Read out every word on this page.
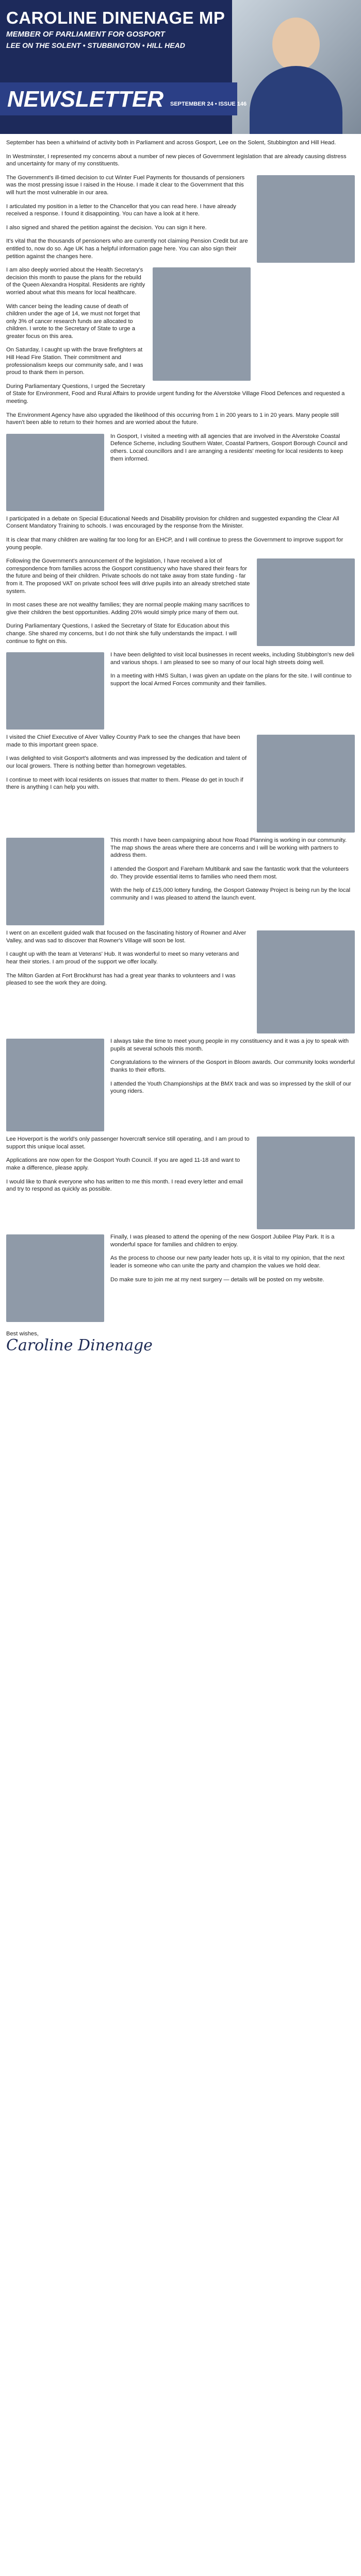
CAROLINE DINENAGE MP
MEMBER OF PARLIAMENT FOR GOSPORT
LEE ON THE SOLENT • STUBBINGTON • HILL HEAD
NEWSLETTER SEPTEMBER 24 • ISSUE 146

September has been a whirlwind of activity both in Parliament and across Gosport, Lee on the Solent, Stubbington and Hill Head.

In Westminster, I represented my concerns about a number of new pieces of Government legislation that are already causing distress and uncertainty for many of my constituents.

The Government's ill-timed decision to cut Winter Fuel Payments for thousands of pensioners was the most pressing issue I raised in the House. I made it clear to the Government that this will hurt the most vulnerable in our area.

I articulated my position in a letter to the Chancellor that you can read here. I have already received a response. I found it disappointing. You can have a look at it here.

I also signed and shared the petition against the decision. You can sign it here.

It's vital that the thousands of pensioners who are currently not claiming Pension Credit but are entitled to, now do so. Age UK has a helpful information page here. You can also sign their petition against the changes here.

I am also deeply worried about the Health Secretary's decision this month to pause the plans for the rebuild of the Queen Alexandra Hospital. Residents are rightly worried about what this means for local healthcare.

With cancer being the leading cause of death of children under the age of 14, we must not forget that only 3% of cancer research funds are allocated to children. I wrote to the Secretary of State to urge a greater focus on this area.

On Saturday, I caught up with the brave firefighters at Hill Head Fire Station. Their commitment and professionalism keeps our community safe, and I was proud to thank them in person.

During Parliamentary Questions, I urged the Secretary of State for Environment, Food and Rural Affairs to provide urgent funding for the Alverstoke Village Flood Defences and requested a meeting.

The Environment Agency have also upgraded the likelihood of this occurring from 1 in 200 years to 1 in 20 years. Many people still haven't been able to return to their homes and are worried about the future.

In Gosport, I visited a meeting with all agencies that are involved in the Alverstoke Coastal Defence Scheme, including Southern Water, Coastal Partners, Gosport Borough Council and others. Local councillors and I are arranging a residents' meeting for local residents to keep them informed.

I participated in a debate on Special Educational Needs and Disability provision for children and suggested expanding the Clear All Consent Mandatory Training to schools. I was encouraged by the response from the Minister.

It is clear that many children are waiting far too long for an EHCP, and I will continue to press the Government to improve support for young people.

Following the Government's announcement of the legislation, I have received a lot of correspondence from families across the Gosport constituency who have shared their fears for the future and being of their children. Private schools do not take away from state funding - far from it. The proposed VAT on private school fees will drive pupils into an already stretched state system.

In most cases these are not wealthy families; they are normal people making many sacrifices to give their children the best opportunities. Adding 20% would simply price many of them out.

During Parliamentary Questions, I asked the Secretary of State for Education about this change. She shared my concerns, but I do not think she fully understands the impact. I will continue to fight on this.

I have been delighted to visit local businesses in recent weeks, including Stubbington's new deli and various shops. I am pleased to see so many of our local high streets doing well.

In a meeting with HMS Sultan, I was given an update on the plans for the site. I will continue to support the local Armed Forces community and their families.

I visited the Chief Executive of Alver Valley Country Park to see the changes that have been made to this important green space.

I was delighted to visit Gosport's allotments and was impressed by the dedication and talent of our local growers. There is nothing better than homegrown vegetables.

I continue to meet with local residents on issues that matter to them. Please do get in touch if there is anything I can help you with.

This month I have been campaigning about how Road Planning is working in our community. The map shows the areas where there are concerns and I will be working with partners to address them.

I attended the Gosport and Fareham Multibank and saw the fantastic work that the volunteers do. They provide essential items to families who need them most.

With the help of £15,000 lottery funding, the Gosport Gateway Project is being run by the local community and I was pleased to attend the launch event.

I went on an excellent guided walk that focused on the fascinating history of Rowner and Alver Valley, and was sad to discover that Rowner's Village will soon be lost.

I caught up with the team at Veterans' Hub. It was wonderful to meet so many veterans and hear their stories. I am proud of the support we offer locally.

The Milton Garden at Fort Brockhurst has had a great year thanks to volunteers and I was pleased to see the work they are doing.

I always take the time to meet young people in my constituency and it was a joy to speak with pupils at several schools this month.

Congratulations to the winners of the Gosport in Bloom awards. Our community looks wonderful thanks to their efforts.

I attended the Youth Championships at the BMX track and was so impressed by the skill of our young riders.

Lee Hoverport is the world's only passenger hovercraft service still operating, and I am proud to support this unique local asset.

Applications are now open for the Gosport Youth Council. If you are aged 11-18 and want to make a difference, please apply.

I would like to thank everyone who has written to me this month. I read every letter and email and try to respond as quickly as possible.

Finally, I was pleased to attend the opening of the new Gosport Jubilee Play Park. It is a wonderful space for families and children to enjoy.

As the process to choose our new party leader hots up, it is vital to my opinion, that the next leader is someone who can unite the party and champion the values we hold dear.

Do make sure to join me at my next surgery — details will be posted on my website.

Best wishes,
Caroline Dinenage
